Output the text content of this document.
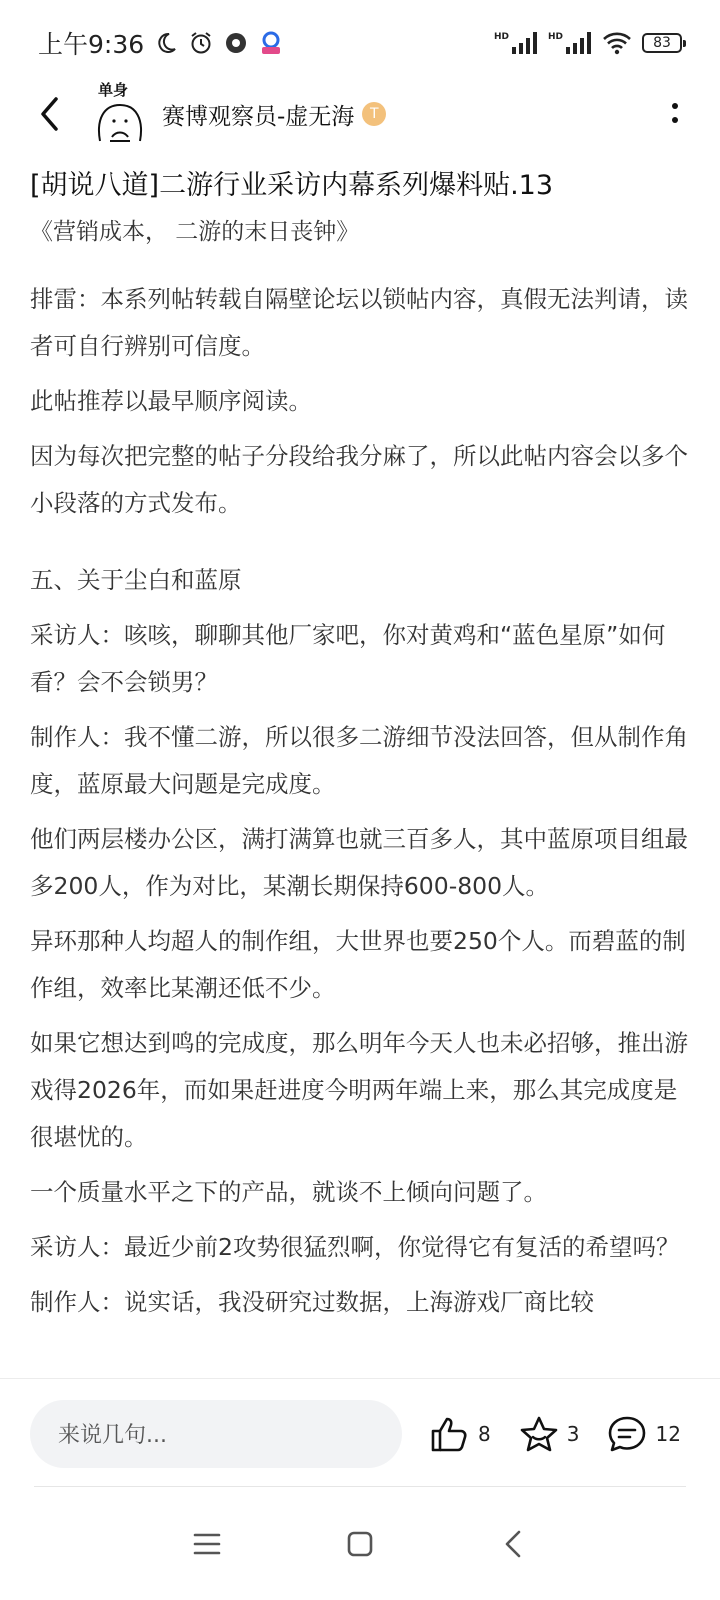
上午9:36	HD	HD	83
单身
赛博观察员-虚无海 T
[胡说八道]二游行业采访内幕系列爆料贴.13
《营销成本， 二游的末日丧钟》
排雷：本系列帖转载自隔壁论坛以锁帖内容，真假无法判请，读者可自行辨别可信度。
此帖推荐以最早顺序阅读。
因为每次把完整的帖子分段给我分麻了，所以此帖内容会以多个小段落的方式发布。
五、关于尘白和蓝原
采访人：咳咳，聊聊其他厂家吧，你对黄鸡和“蓝色星原”如何看？会不会锁男？
制作人：我不懂二游，所以很多二游细节没法回答，但从制作角度，蓝原最大问题是完成度。
他们两层楼办公区，满打满算也就三百多人，其中蓝原项目组最多200人，作为对比，某潮长期保持600-800人。
异环那种人均超人的制作组，大世界也要250个人。而碧蓝的制作组，效率比某潮还低不少。
如果它想达到鸣的完成度，那么明年今天人也未必招够，推出游戏得2026年，而如果赶进度今明两年端上来，那么其完成度是很堪忧的。
一个质量水平之下的产品，就谈不上倾向问题了。
采访人：最近少前2攻势很猛烈啊，你觉得它有复活的希望吗？
制作人：说实话，我没研究过数据，上海游戏厂商比较
来说几句...	8	3	12
